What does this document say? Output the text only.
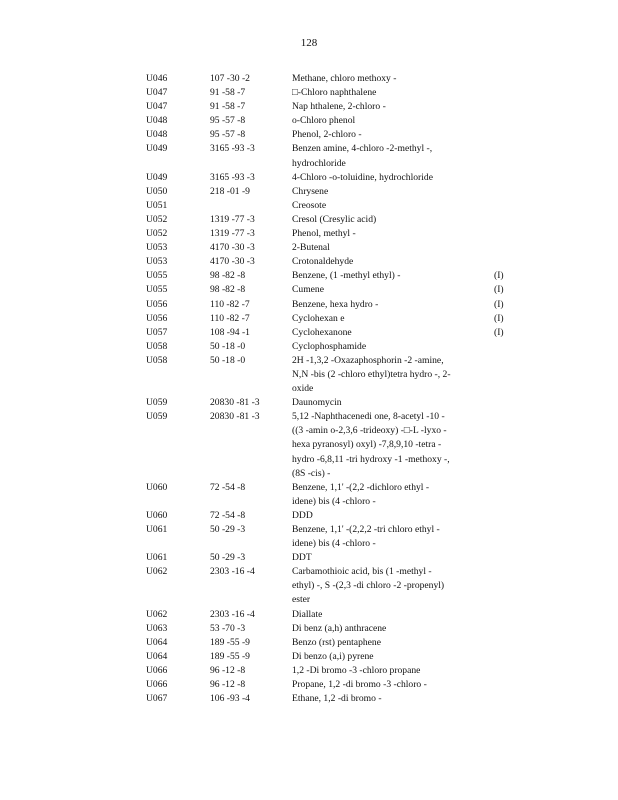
128
U046	107 -30 -2	Methane, chloro methoxy -	

U047	91 -58 -7	□-Chloro naphthalene	

U047	91 -58 -7	Nap hthalene, 2-chloro -	

U048	95 -57 -8	o-Chloro phenol	

U048	95 -57 -8	Phenol, 2-chloro -	

U049	3165 -93 -3	Benzen amine, 4-chloro -2-methyl -,
hydrochloride	

U049	3165 -93 -3	4-Chloro -o-toluidine, hydrochloride	

U050	218 -01 -9	Chrysene	

U051		Creosote	

U052	1319 -77 -3	Cresol (Cresylic acid)	

U052	1319 -77 -3	Phenol, methyl -	

U053	4170 -30 -3	2-Butenal	

U053	4170 -30 -3	Crotonaldehyde	

U055	98 -82 -8	Benzene, (1 -methyl ethyl) -	(I)
U055	98 -82 -8	Cumene	(I)
U056	110 -82 -7	Benzene, hexa hydro -	(I)
U056	110 -82 -7	Cyclohexan e	(I)
U057	108 -94 -1	Cyclohexanone	(I)
U058	50 -18 -0	Cyclophosphamide	

U058	50 -18 -0	2H -1,3,2 -Oxazaphosphorin -2 -amine,
N,N -bis (2 -chloro ethyl)tetra hydro -, 2-
oxide	

U059	20830 -81 -3	Daunomycin	

U059	20830 -81 -3	5,12 -Naphthacenedi one, 8-acetyl -10 -
((3 -amin o-2,3,6 -trideoxy) -□-L -lyxo -
hexa pyranosyl) oxyl) -7,8,9,10 -tetra -
hydro -6,8,11 -tri hydroxy -1 -methoxy -,
(8S -cis) -	

U060	72 -54 -8	Benzene, 1,1' -(2,2 -dichloro ethyl -
idene) bis (4 -chloro -	

U060	72 -54 -8	DDD	

U061	50 -29 -3	Benzene, 1,1' -(2,2,2 -tri chloro ethyl -
idene) bis (4 -chloro -	

U061	50 -29 -3	DDT	

U062	2303 -16 -4	Carbamothioic acid, bis (1 -methyl -
ethyl) -, S -(2,3 -di chloro -2 -propenyl)
ester	

U062	2303 -16 -4	Diallate	

U063	53 -70 -3	Di benz (a,h) anthracene	

U064	189 -55 -9	Benzo (rst) pentaphene	

U064	189 -55 -9	Di benzo (a,i) pyrene	

U066	96 -12 -8	1,2 -Di bromo -3 -chloro propane	

U066	96 -12 -8	Propane, 1,2 -di bromo -3 -chloro -	

U067	106 -93 -4	Ethane, 1,2 -di bromo -	
